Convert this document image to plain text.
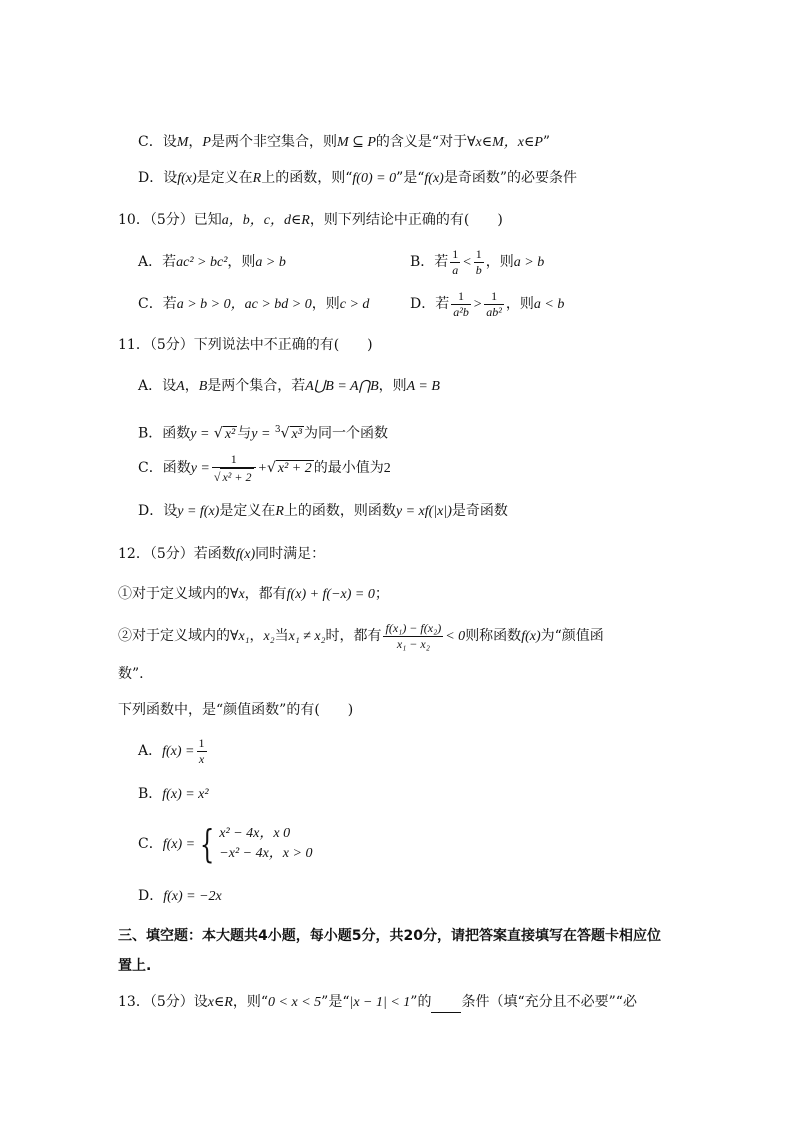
C．设M，P是两个非空集合，则M ⊆ P的含义是“对于∀x∈M，x∈P”
D．设f(x)是定义在R上的函数，则“f(0) = 0”是“f(x)是奇函数”的必要条件
10．（5分）已知a，b，c，d∈R，则下列结论中正确的有(　　)
A．若ac² > bc²，则a > b	B．若 $\frac{1}{a} < \frac{1}{b}$ ，则a > b
C．若a > b > 0，ac > bd > 0，则c > d	D．若 $\frac{1}{\text{a²b}} > \frac{1}{\text{ab²}}$ ，则a < b
11．（5分）下列说法中不正确的有(　　)
A．设A，B是两个集合，若A⋃B = A⋂B，则A = B
B．函数y = √ x² 与y = $^3$√ x³ 为同一个函数
C．函数$y = \frac{1}{\text{√ x² + 2}}$ +√ x² + 2 的最小值为2
D．设y = f(x)是定义在R上的函数，则函数y = xf(|x|)是奇函数
12．（5分）若函数f(x)同时满足：
①对于定义域内的∀x，都有f(x) + f(−x) = 0；
②对于定义域内的∀x₁，x₂当x₁ ≠ x₂时，都有 $\frac{\text{f(x₁) − f(x₂)}}{\text{x₁ − x₂}} < 0$则称函数f(x)为“颜值函
数”.
下列函数中，是“颜值函数”的有(　　)
A．$f(x) = \frac{1}{x}$
B．f(x) = x²
C．f(x) = { x² − 4x，x 0
−x² − 4x，x > 0
D．f(x) = −2x
三、填空题：本大题共4小题，每小题5分，共20分，请把答案直接填写在答题卡相应位
置上.
13．（5分）设x∈R，则“0 < x < 5”是“|x − 1| < 1”的 条件（填“充分且不必要”“必
